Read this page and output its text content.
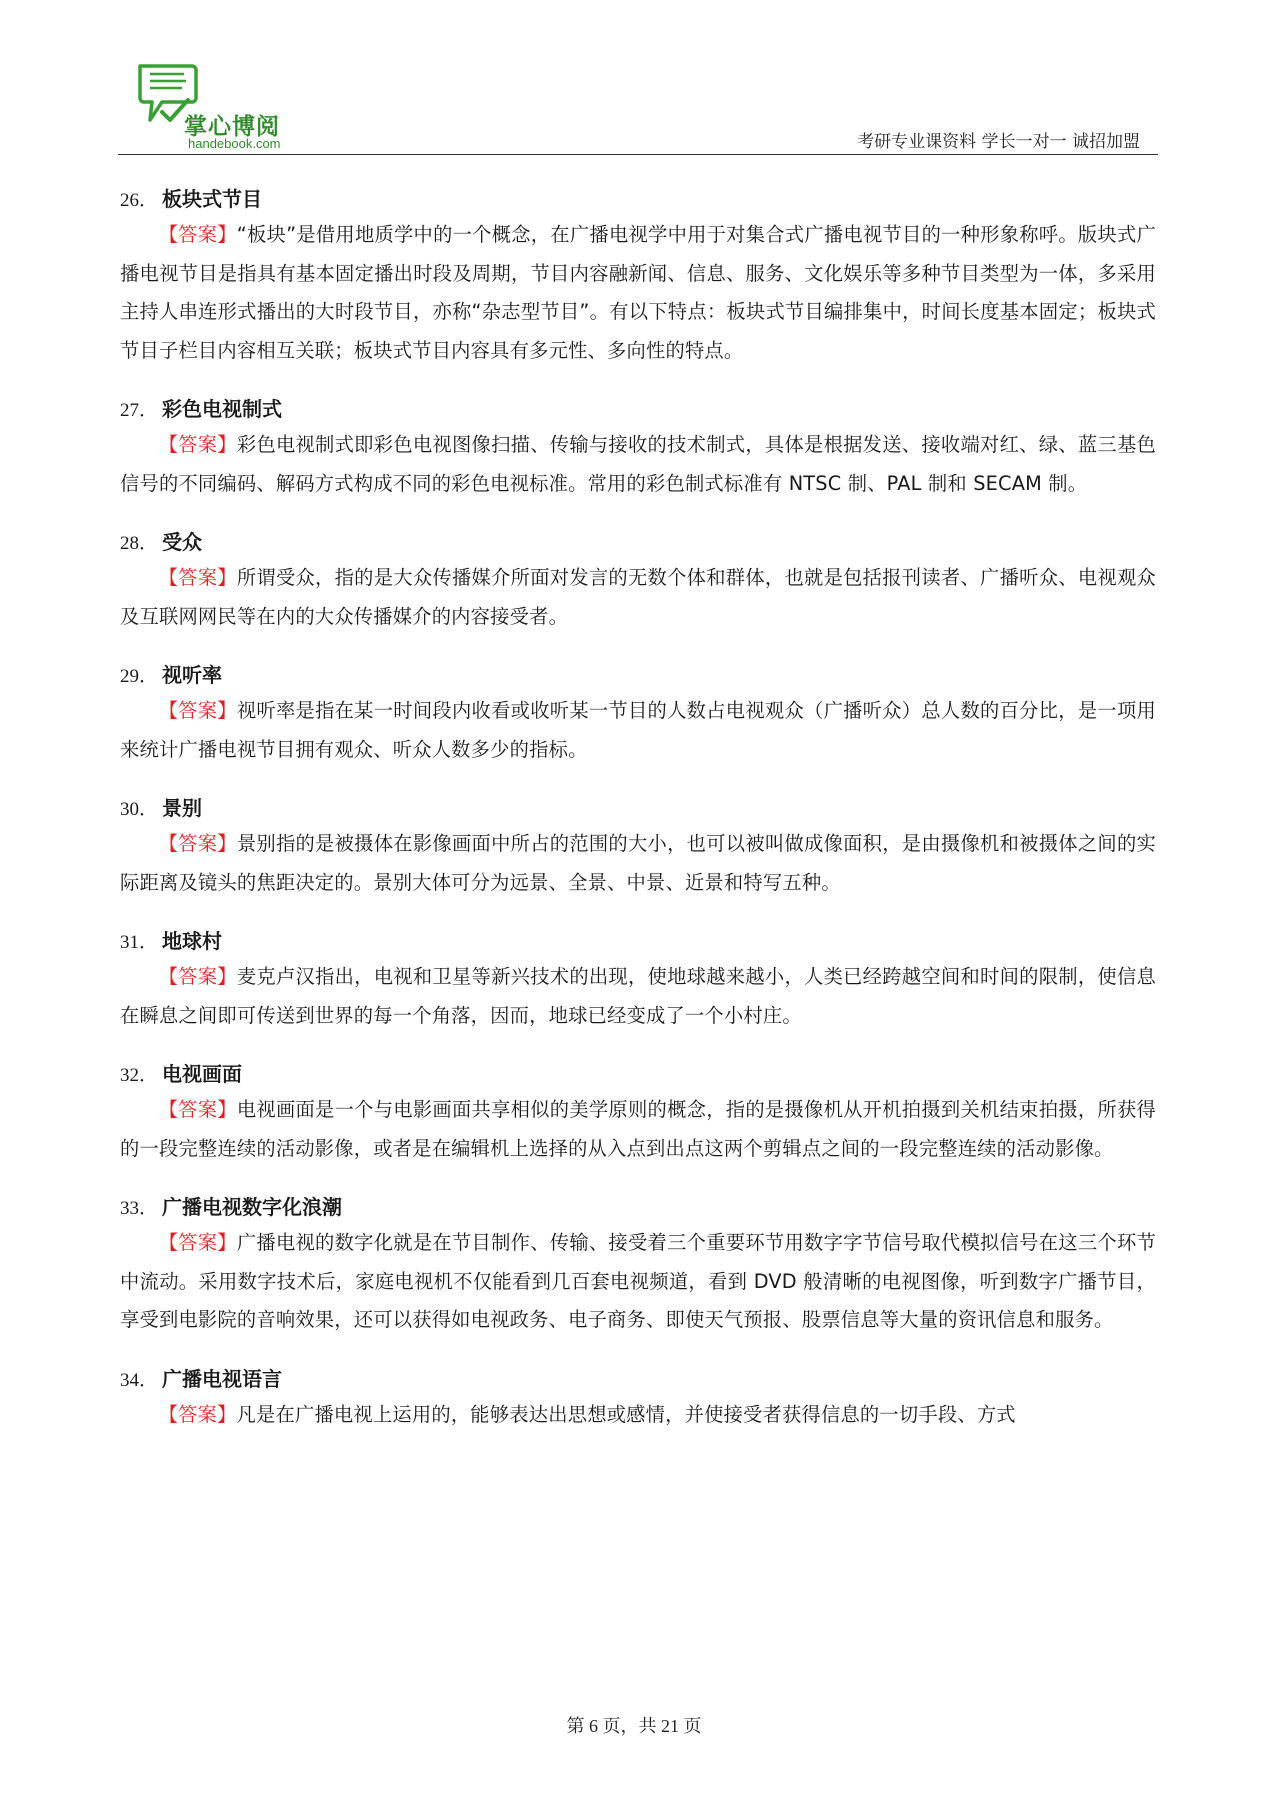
掌心博阅
handebook.com	考研专业课资料 学长一对一 诚招加盟
26． 板块式节目

【答案】“板块”是借用地质学中的一个概念，在广播电视学中用于对集合式广播电视节目的一种形象称呼。版块式广播电视节目是指具有基本固定播出时段及周期，节目内容融新闻、信息、服务、文化娱乐等多种节目类型为一体，多采用主持人串连形式播出的大时段节目，亦称“杂志型节目”。有以下特点：板块式节目编排集中，时间长度基本固定；板块式节目子栏目内容相互关联；板块式节目内容具有多元性、多向性的特点。

27． 彩色电视制式

【答案】彩色电视制式即彩色电视图像扫描、传输与接收的技术制式，具体是根据发送、接收端对红、绿、蓝三基色信号的不同编码、解码方式构成不同的彩色电视标准。常用的彩色制式标准有 NTSC 制、PAL 制和 SECAM 制。

28． 受众

【答案】所谓受众，指的是大众传播媒介所面对发言的无数个体和群体，也就是包括报刊读者、广播听众、电视观众及互联网网民等在内的大众传播媒介的内容接受者。

29． 视听率

【答案】视听率是指在某一时间段内收看或收听某一节目的人数占电视观众（广播听众）总人数的百分比，是一项用来统计广播电视节目拥有观众、听众人数多少的指标。

30． 景别

【答案】景别指的是被摄体在影像画面中所占的范围的大小，也可以被叫做成像面积，是由摄像机和被摄体之间的实际距离及镜头的焦距决定的。景别大体可分为远景、全景、中景、近景和特写五种。

31． 地球村

【答案】麦克卢汉指出，电视和卫星等新兴技术的出现，使地球越来越小，人类已经跨越空间和时间的限制，使信息在瞬息之间即可传送到世界的每一个角落，因而，地球已经变成了一个小村庄。

32． 电视画面

【答案】电视画面是一个与电影画面共享相似的美学原则的概念，指的是摄像机从开机拍摄到关机结束拍摄，所获得的一段完整连续的活动影像，或者是在编辑机上选择的从入点到出点这两个剪辑点之间的一段完整连续的活动影像。

33． 广播电视数字化浪潮

【答案】广播电视的数字化就是在节目制作、传输、接受着三个重要环节用数字字节信号取代模拟信号在这三个环节中流动。采用数字技术后，家庭电视机不仅能看到几百套电视频道，看到 DVD 般清晰的电视图像，听到数字广播节目，享受到电影院的音响效果，还可以获得如电视政务、电子商务、即使天气预报、股票信息等大量的资讯信息和服务。

34． 广播电视语言

【答案】凡是在广播电视上运用的，能够表达出思想或感情，并使接受者获得信息的一切手段、方式

第 6 页，共 21 页
